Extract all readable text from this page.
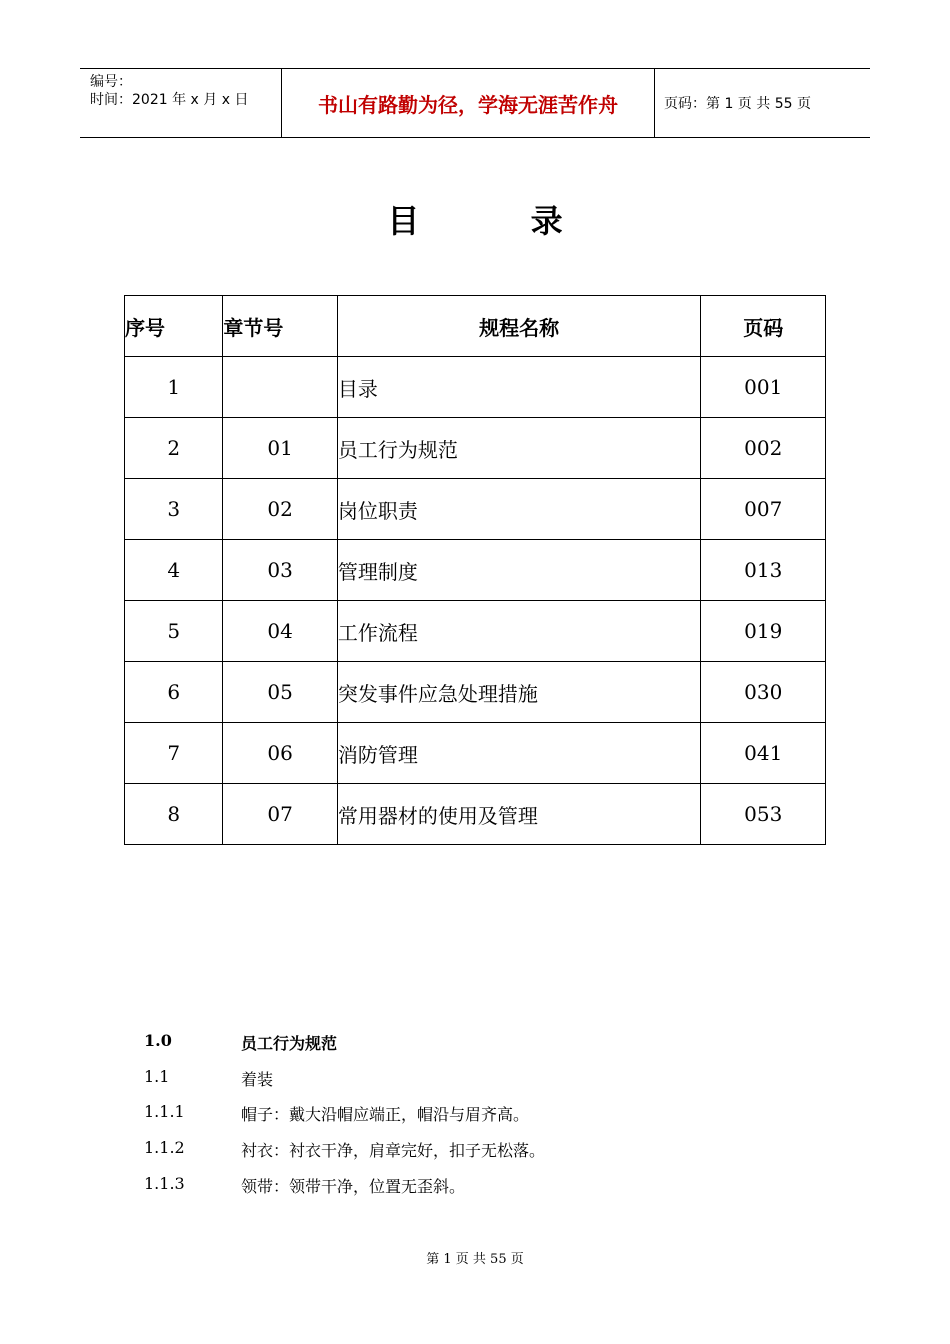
编号：
时间：2021 年 x 月 x 日	书山有路勤为径，学海无涯苦作舟	页码：第 1 页 共 55 页
目 录
序号	章节号	规程名称	页码
1		目录	001
2	01	员工行为规范	002
3	02	岗位职责	007
4	03	管理制度	013
5	04	工作流程	019
6	05	突发事件应急处理措施	030
7	06	消防管理	041
8	07	常用器材的使用及管理	053
1.0	员工行为规范
1.1	着装
1.1.1	帽子：戴大沿帽应端正，帽沿与眉齐高。
1.1.2	衬衣：衬衣干净，肩章完好，扣子无松落。
1.1.3	领带：领带干净，位置无歪斜。
第 1 页 共 55 页
